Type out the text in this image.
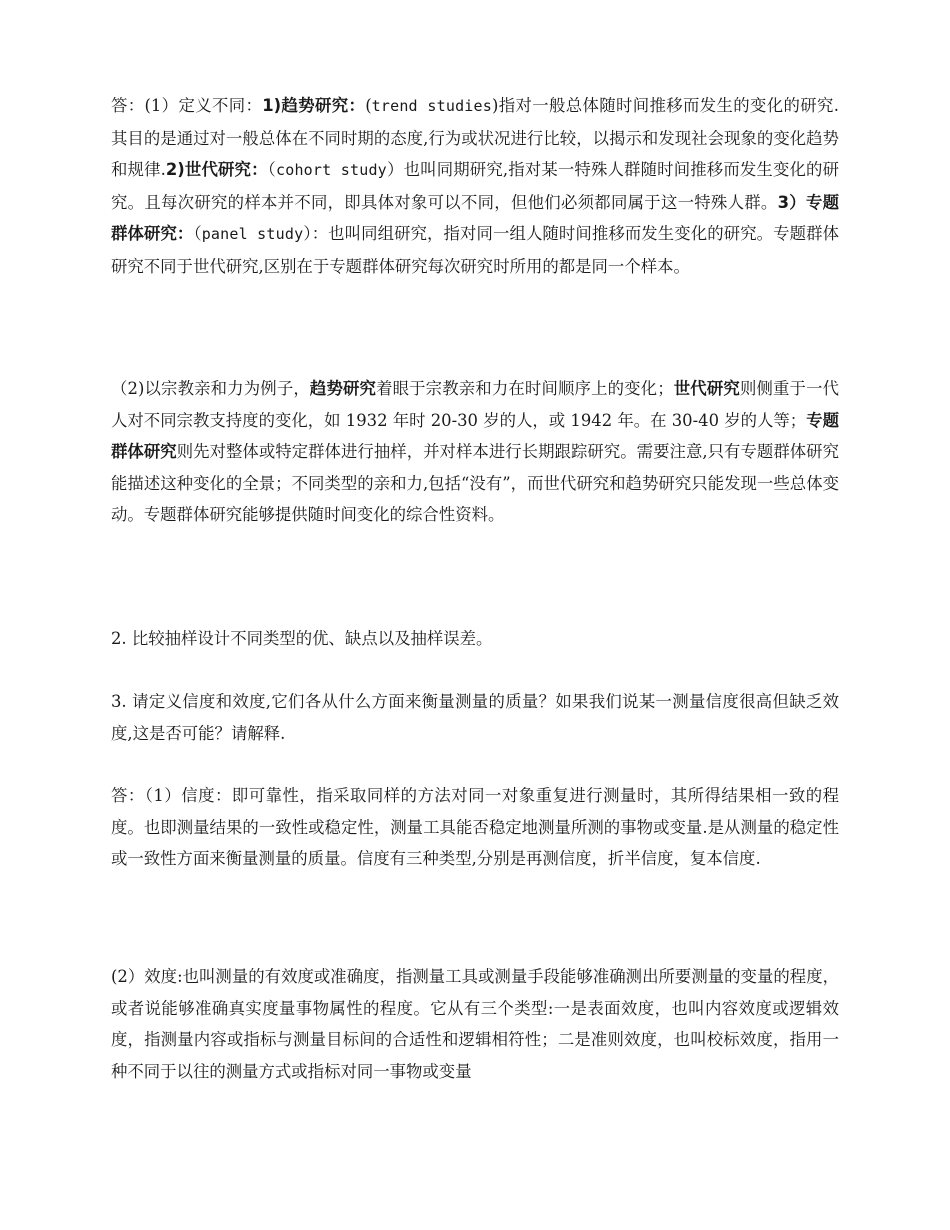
答：(1）定义不同：1)趋势研究：(trend studies)指对一般总体随时间推移而发生的变化的研究.其目的是通过对一般总体在不同时期的态度,行为或状况进行比较，以揭示和发现社会现象的变化趋势和规律.2)世代研究：（cohort study）也叫同期研究,指对某一特殊人群随时间推移而发生变化的研究。且每次研究的样本并不同，即具体对象可以不同，但他们必须都同属于这一特殊人群。3）专题群体研究：（panel study）：也叫同组研究，指对同一组人随时间推移而发生变化的研究。专题群体研究不同于世代研究,区别在于专题群体研究每次研究时所用的都是同一个样本。

（2)以宗教亲和力为例子，趋势研究着眼于宗教亲和力在时间顺序上的变化；世代研究则侧重于一代人对不同宗教支持度的变化，如 1932 年时 20-30 岁的人，或 1942 年。在 30-40 岁的人等；专题群体研究则先对整体或特定群体进行抽样，并对样本进行长期跟踪研究。需要注意,只有专题群体研究能描述这种变化的全景；不同类型的亲和力,包括“没有”，而世代研究和趋势研究只能发现一些总体变动。专题群体研究能够提供随时间变化的综合性资料。

2. 比较抽样设计不同类型的优、缺点以及抽样误差。

3. 请定义信度和效度,它们各从什么方面来衡量测量的质量？如果我们说某一测量信度很高但缺乏效度,这是否可能？请解释.

答：（1）信度：即可靠性，指采取同样的方法对同一对象重复进行测量时，其所得结果相一致的程度。也即测量结果的一致性或稳定性，测量工具能否稳定地测量所测的事物或变量.是从测量的稳定性或一致性方面来衡量测量的质量。信度有三种类型,分别是再测信度，折半信度，复本信度.

(2）效度:也叫测量的有效度或准确度，指测量工具或测量手段能够准确测出所要测量的变量的程度，或者说能够准确真实度量事物属性的程度。它从有三个类型:一是表面效度，也叫内容效度或逻辑效度，指测量内容或指标与测量目标间的合适性和逻辑相符性；二是准则效度，也叫校标效度，指用一种不同于以往的测量方式或指标对同一事物或变量
